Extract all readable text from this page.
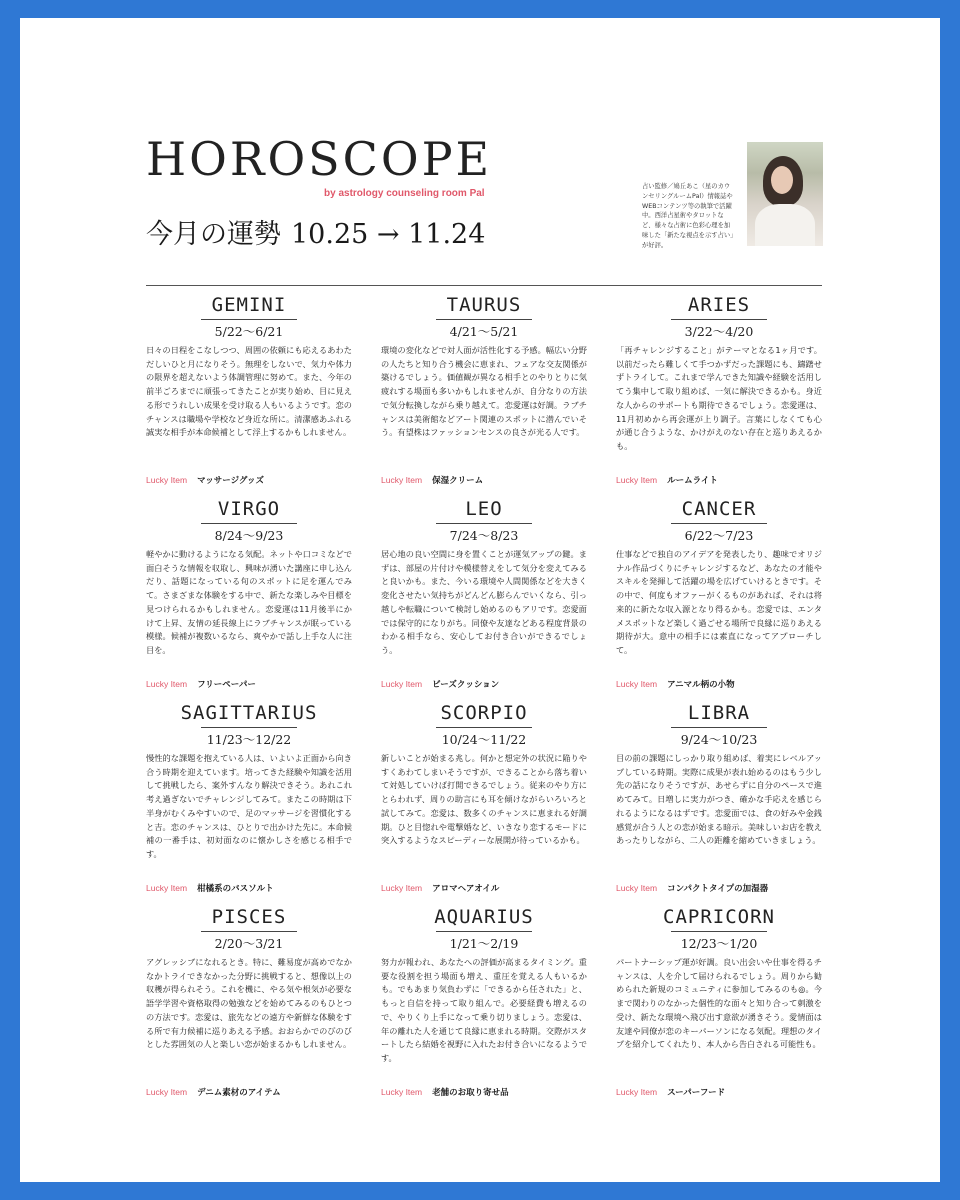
HOROSCOPE
by astrology counseling room Pal
今月の運勢 10.25 → 11.24
占い監修／鳩丘あこ（星のカウンセリングルームPal）情報誌やWEBコンテンツ等の執筆で活躍中。西洋占星術やタロットなど、様々な占術に色彩心理を加味した「新たな視点を示す占い」が好評。
GEMINI
5/22〜6/21
日々の日程をこなしつつ、周囲の依頼にも応えるあわただしいひと月になりそう。無理をしないで、気力や体力の限界を超えないよう体調管理に努めて。また、今年の前半ごろまでに頑張ってきたことが実り始め、目に見える形でうれしい成果を受け取る人もいるようです。恋のチャンスは職場や学校など身近な所に。清潔感あふれる誠実な相手が本命候補として浮上するかもしれません。
Lucky Item マッサージグッズ
TAURUS
4/21〜5/21
環境の変化などで対人面が活性化する予感。幅広い分野の人たちと知り合う機会に恵まれ、フェアな交友関係が築けるでしょう。価値観が異なる相手とのやりとりに気疲れする場面も多いかもしれませんが、自分なりの方法で気分転換しながら乗り越えて。恋愛運は好調。ラブチャンスは美術館などアート関連のスポットに潜んでいそう。有望株はファッションセンスの良さが光る人です。
Lucky Item 保湿クリーム
ARIES
3/22〜4/20
「再チャレンジすること」がテーマとなる1ヶ月です。以前だったら難しくて手つかずだった課題にも、躊躇せずトライして。これまで学んできた知識や経験を活用してう集中して取り組めば、一気に解決できるかも。身近な人からのサポートも期待できるでしょう。恋愛運は、11月初めから再会運が上り調子。言葉にしなくても心が通じ合うような、かけがえのない存在と巡りあえるかも。
Lucky Item ルームライト
VIRGO
8/24〜9/23
軽やかに動けるようになる気配。ネットや口コミなどで面白そうな情報を収取し、興味が湧いた講座に申し込んだり、話題になっている旬のスポットに足を運んでみて。さまざまな体験をする中で、新たな楽しみや目標を見つけられるかもしれません。恋愛運は11月後半にかけて上昇、友情の延長線上にラブチャンスが眠っている模様。候補が複数いるなら、爽やかで話し上手な人に注目を。
Lucky Item フリーペーパー
LEO
7/24〜8/23
居心地の良い空間に身を置くことが運気アップの鍵。まずは、部屋の片付けや模様替えをして気分を変えてみると良いかも。また、今いる環境や人間関係などを大きく変化させたい気持ちがどんどん膨らんでいくなら、引っ越しや転職について検討し始めるのもアリです。恋愛面では保守的になりがち。同僚や友達などある程度背景のわかる相手なら、安心してお付き合いができるでしょう。
Lucky Item ビーズクッション
CANCER
6/22〜7/23
仕事などで独自のアイデアを発表したり、趣味でオリジナル作品づくりにチャレンジするなど、あなたの才能やスキルを発揮して活躍の場を広げていけるときです。その中で、何度もオファーがくるものがあれば、それは将来的に新たな収入源となり得るかも。恋愛では、エンタメスポットなど楽しく過ごせる場所で良縁に巡りあえる期待が大。意中の相手には素直になってアプローチして。
Lucky Item アニマル柄の小物
SAGITTARIUS
11/23〜12/22
慢性的な課題を抱えている人は、いよいよ正面から向き合う時期を迎えています。培ってきた経験や知識を活用して挑戦したら、案外すんなり解決できそう。あれこれ考え過ぎないでチャレンジしてみて。またこの時期は下半身がむくみやすいので、足のマッサージを習慣化すると吉。恋のチャンスは、ひとりで出かけた先に。本命候補の一番手は、初対面なのに懐かしさを感じる相手です。
Lucky Item 柑橘系のバスソルト
SCORPIO
10/24〜11/22
新しいことが始まる兆し。何かと想定外の状況に陥りやすくあわてしまいそうですが、できることから落ち着いて対処していけば打開できるでしょう。従来のやり方にとらわれず、周りの助言にも耳を傾けながらいろいろと試してみて。恋愛は、数多くのチャンスに恵まれる好調期。ひと目惚れや電撃婚など、いきなり恋するモードに突入するようなスピーディーな展開が待っているかも。
Lucky Item アロマヘアオイル
LIBRA
9/24〜10/23
目の前の課題にしっかり取り組めば、着実にレベルアップしている時期。実際に成果が表れ始めるのはもう少し先の話になりそうですが、あせらずに自分のペースで進めてみて。日増しに実力がつき、確かな手応えを感じられるようになるはずです。恋愛面では、食の好みや金銭感覚が合う人との恋が始まる暗示。美味しいお店を教えあったりしながら、二人の距離を縮めていきましょう。
Lucky Item コンパクトタイプの加湿器
PISCES
2/20〜3/21
アグレッシブになれるとき。特に、難易度が高めでなかなかトライできなかった分野に挑戦すると、想像以上の収穫が得られそう。これを機に、やる気や根気が必要な語学学習や資格取得の勉強などを始めてみるのもひとつの方法です。恋愛は、旅先などの遠方や新鮮な体験をする所で有力候補に巡りあえる予感。おおらかでのびのびとした雰囲気の人と楽しい恋が始まるかもしれません。
Lucky Item デニム素材のアイテム
AQUARIUS
1/21〜2/19
努力が報われ、あなたへの評価が高まるタイミング。重要な役割を担う場面も増え、重圧を覚える人もいるかも。でもあまり気負わずに「できるから任された」と、もっと自信を持って取り組んで。必要経費も増えるので、やりくり上手になって乗り切りましょう。恋愛は、年の離れた人を通じて良縁に恵まれる時期。交際がスタートしたら結婚を視野に入れたお付き合いになるようです。
Lucky Item 老舗のお取り寄せ品
CAPRICORN
12/23〜1/20
パートナーシップ運が好調。良い出会いや仕事を得るチャンスは、人を介して届けられるでしょう。周りから勧められた新規のコミュニティに参加してみるのも◎。今まで関わりのなかった個性的な面々と知り合って刺激を受け、新たな環境へ飛び出す意欲が湧きそう。愛情面は友達や同僚が恋のキーパーソンになる気配。理想のタイプを紹介してくれたり、本人から告白される可能性も。
Lucky Item スーパーフード
